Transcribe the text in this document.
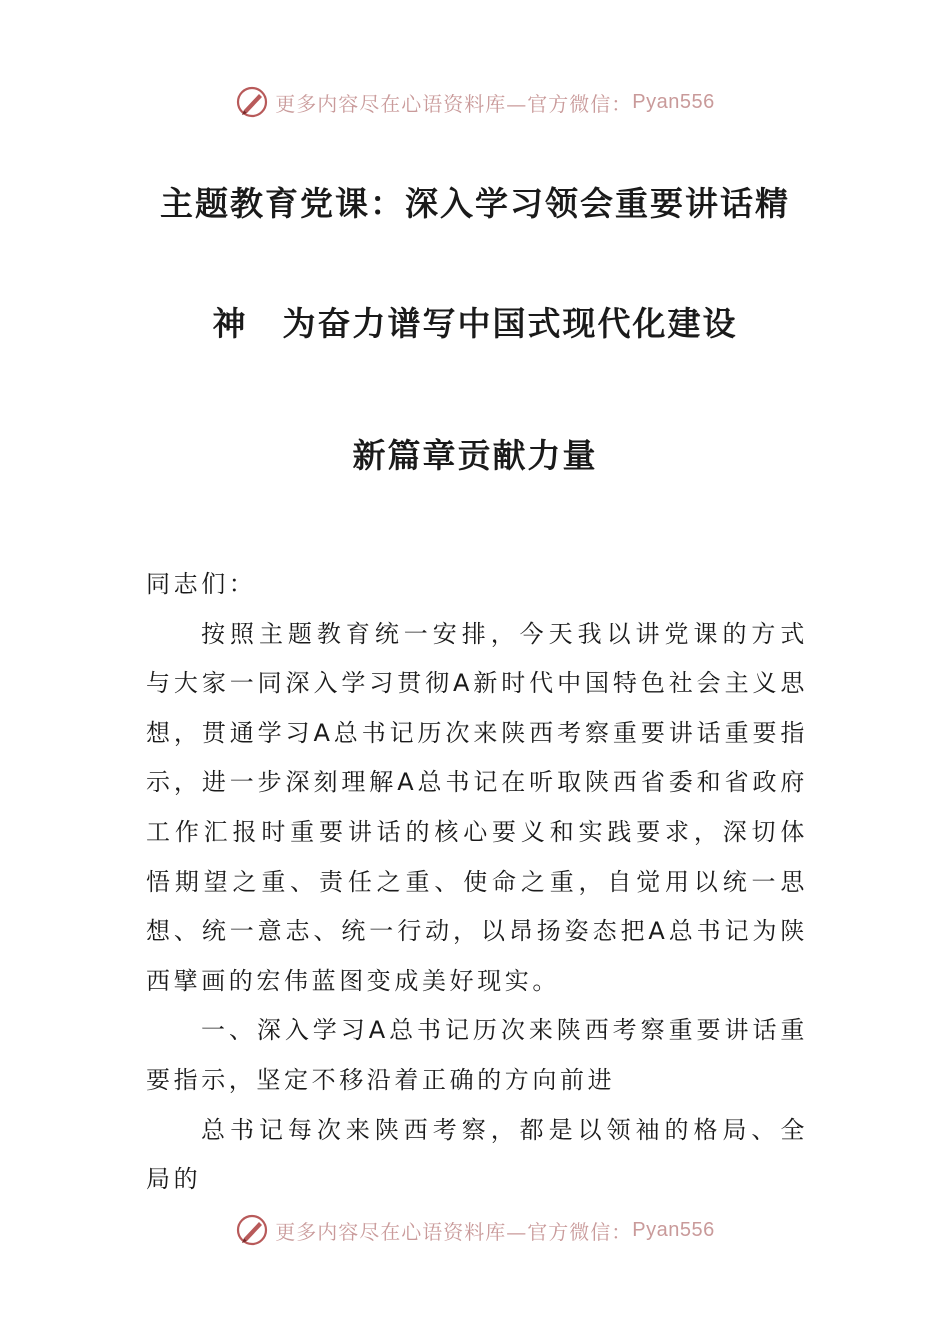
更多内容尽在心语资料库—官方微信： Pyan556
主题教育党课：深入学习领会重要讲话精
神　为奋力谱写中国式现代化建设
新篇章贡献力量

同志们：

按照主题教育统一安排，今天我以讲党课的方式与大家一同深入学习贯彻A新时代中国特色社会主义思想，贯通学习A总书记历次来陕西考察重要讲话重要指示，进一步深刻理解A总书记在听取陕西省委和省政府工作汇报时重要讲话的核心要义和实践要求，深切体悟期望之重、责任之重、使命之重，自觉用以统一思想、统一意志、统一行动，以昂扬姿态把A总书记为陕西擘画的宏伟蓝图变成美好现实。

一、深入学习A总书记历次来陕西考察重要讲话重要指示，坚定不移沿着正确的方向前进

总书记每次来陕西考察，都是以领袖的格局、全局的

更多内容尽在心语资料库—官方微信： Pyan556
